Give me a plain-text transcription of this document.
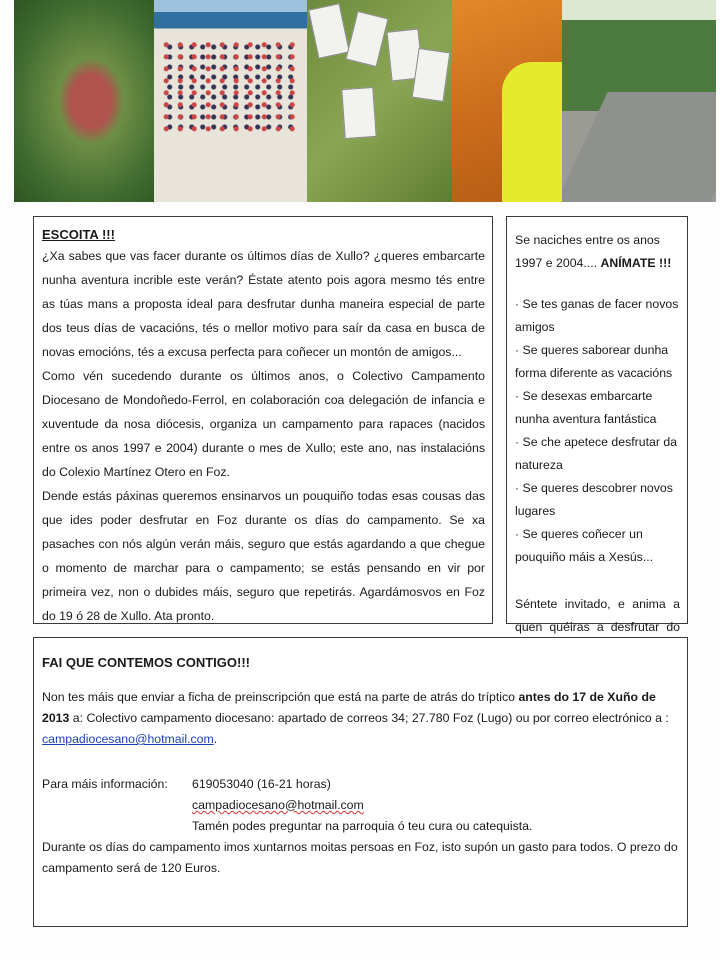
ESCOITA !!!

¿Xa sabes que vas facer durante os últimos días de Xullo? ¿queres embarcarte nunha aventura incrible este verán? Éstate atento pois agora mesmo tés entre as túas mans a proposta ideal para desfrutar dunha maneira especial de parte dos teus días de vacacións, tés o mellor motivo para saír da casa en busca de novas emocións, tés a excusa perfecta para coñecer un montón de amigos...

Como vén sucedendo durante os últimos anos, o Colectivo Campamento Diocesano de Mondoñedo-Ferrol, en colaboración coa delegación de infancia e xuventude da nosa diócesis, organiza un campamento para rapaces (nacidos entre os anos 1997 e 2004) durante o mes de Xullo; este ano, nas instalacións do Colexio Martínez Otero en Foz.

Dende estás páxinas queremos ensinarvos un pouquiño todas esas cousas das que ides poder desfrutar en Foz durante os días do campamento. Se xa pasaches con nós algún verán máis, seguro que estás agardando a que chegue o momento de marchar para o campamento; se estás pensando en vir por primeira vez, non o dubides máis, seguro que repetirás. Agardámosvos en Foz do 19 ó 28 de Xullo. Ata pronto.

Se naciches entre os anos 1997 e 2004.... ANÍMATE !!!
· Se tes ganas de facer novos amigos
· Se queres saborear dunha forma diferente as vacacións
· Se desexas embarcarte nunha aventura fantástica
· Se che apetece desfrutar da natureza
· Se queres descobrer novos lugares
· Se queres coñecer un pouquiño máis a Xesús...
Séntete invitado, e anima a quen quéiras a desfrutar do
FAI QUE CONTEMOS CONTIGO!!!

Non tes máis que enviar a ficha de preinscripción que está na parte de atrás do tríptico antes do 17 de Xuño de 2013 a: Colectivo campamento diocesano: apartado de correos 34; 27.780 Foz (Lugo) ou por correo electrónico a : campadiocesano@hotmail.com.

Para máis información:	619053040 (16-21 horas)
campadiocesano@hotmail.com
Tamén podes preguntar na parroquia ó teu cura ou catequista.

Durante os días do campamento imos xuntarnos moitas persoas en Foz, isto supón un gasto para todos. O prezo do campamento será de 120 Euros.
